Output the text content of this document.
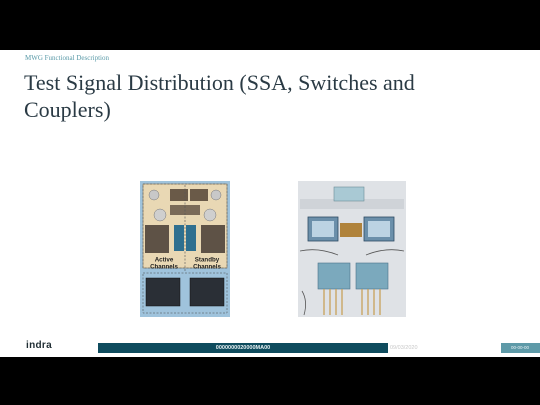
MWG Functional Description
Test Signal Distribution (SSA, Switches and Couplers)
Active Channels
Standby Channels
indra	0000000020000MA00	09/03/2020	00-00-00
